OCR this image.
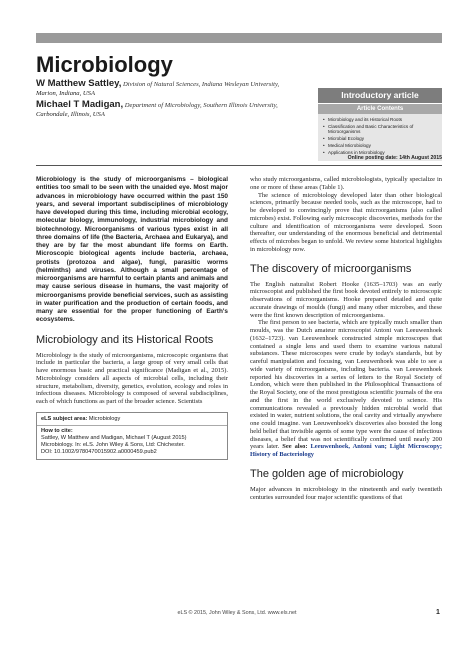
Microbiology
W Matthew Sattley, Division of Natural Sciences, Indiana Wesleyan University,
Marion, Indiana, USA
Michael T Madigan, Department of Microbiology, Southern Illinois University,
Carbondale, Illinois, USA
Introductory article
Article Contents
• Microbiology and its Historical Roots
• Classification and Basic Characteristics of Microorganisms
• Microbial Ecology
• Medical Microbiology
• Applications in Microbiology
Online posting date: 14th August 2015

Microbiology is the study of microorganisms – biological entities too small to be seen with the unaided eye. Most major advances in microbiology have occurred within the past 150 years, and several important subdisciplines of microbiology have developed during this time, including microbial ecology, molecular biology, immunology, industrial microbiology and biotechnology. Microorganisms of various types exist in all three domains of life (the Bacteria, Archaea and Eukarya), and they are by far the most abundant life forms on Earth. Microscopic biological agents include bacteria, archaea, protists (protozoa and algae), fungi, parasitic worms (helminths) and viruses. Although a small percentage of microorganisms are harmful to certain plants and animals and may cause serious disease in humans, the vast majority of microorganisms provide beneficial services, such as assisting in water purification and the production of certain foods, and many are essential for the proper functioning of Earth's ecosystems.

Microbiology and its Historical Roots

Microbiology is the study of microorganisms, microscopic organisms that include in particular the bacteria, a large group of very small cells that have enormous basic and practical significance (Madigan et al., 2015). Microbiology considers all aspects of microbial cells, including their structure, metabolism, diversity, genetics, evolution, ecology and roles in infectious diseases. Microbiology is composed of several subdisciplines, each of which functions as part of the broader science. Scientists

eLS subject area: Microbiology
How to cite:
Sattley, W Matthew and Madigan, Michael T (August 2015)
Microbiology. In: eLS. John Wiley & Sons, Ltd: Chichester.
DOI: 10.1002/9780470015902.a0000459.pub2

who study microorganisms, called microbiologists, typically specialize in one or more of these areas (Table 1).

The science of microbiology developed later than other biological sciences, primarily because needed tools, such as the microscope, had to be developed to convincingly prove that microorganisms (also called microbes) exist. Following early microscopic discoveries, methods for the culture and identification of microorganisms were developed. Soon thereafter, our understanding of the enormous beneficial and detrimental effects of microbes began to unfold. We review some historical highlights in microbiology now.

The discovery of microorganisms

The English naturalist Robert Hooke (1635–1703) was an early microscopist and published the first book devoted entirely to microscopic observations of microorganisms. Hooke prepared detailed and quite accurate drawings of moulds (fungi) and many other microbes, and these were the first known description of microorganisms.

The first person to see bacteria, which are typically much smaller than moulds, was the Dutch amateur microscopist Antoni van Leeuwenhoek (1632–1723). van Leeuwenhoek constructed simple microscopes that contained a single lens and used them to examine various natural substances. These microscopes were crude by today's standards, but by careful manipulation and focusing, van Leeuwenhoek was able to see a wide variety of microorganisms, including bacteria. van Leeuwenhoek reported his discoveries in a series of letters to the Royal Society of London, which were then published in the Philosophical Transactions of the Royal Society, one of the most prestigious scientific journals of the era and the first in the world exclusively devoted to science. His communications revealed a previously hidden microbial world that existed in water, nutrient solutions, the oral cavity and virtually anywhere one could imagine. van Leeuwenhoek's discoveries also boosted the long held belief that invisible agents of some type were the cause of infectious diseases, a belief that was not scientifically confirmed until nearly 200 years later. See also: Leeuwenhoek, Antoni van; Light Microscopy; History of Bacteriology

The golden age of microbiology

Major advances in microbiology in the nineteenth and early twentieth centuries surrounded four major scientific questions of that

eLS © 2015, John Wiley & Sons, Ltd. www.els.net	1
